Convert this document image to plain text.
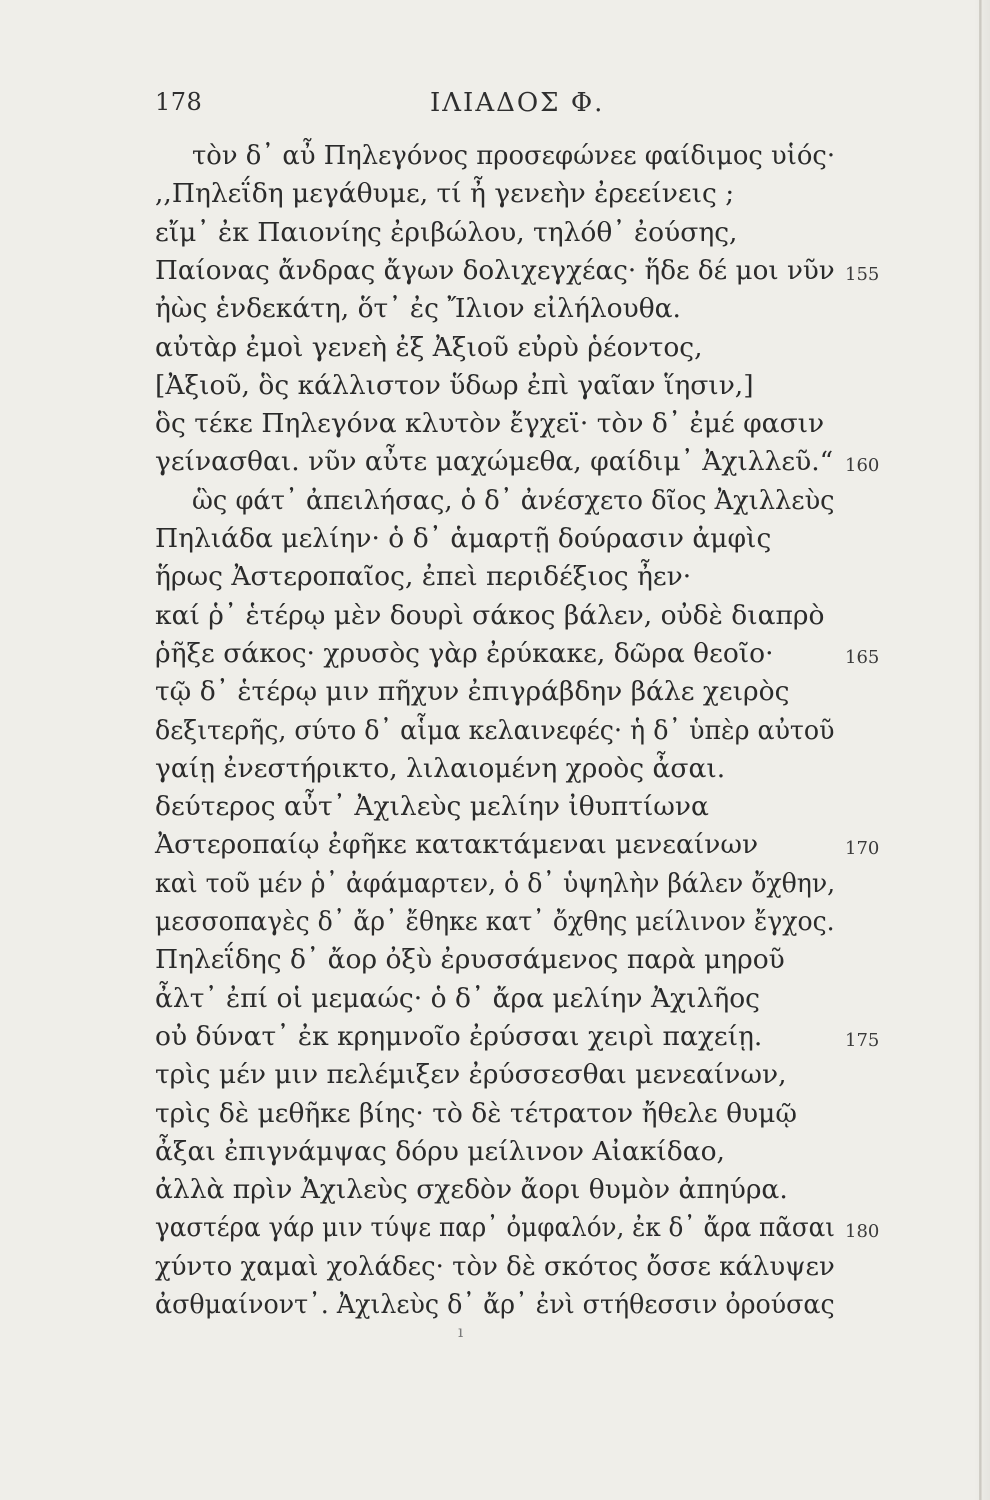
178	ΙΛΙΑΔΟΣ Φ.
τὸν δ᾽ αὖ Πηλεγόνος προσεφώνεε φαίδιμος υἱός·
,,Πηλεΐδη μεγάθυμε, τί ἦ γενεὴν ἐρεείνεις ;
εἴμ᾽ ἐκ Παιονίης ἐριβώλου, τηλόθ᾽ ἐούσης,
Παίονας ἄνδρας ἄγων δολιχεγχέας· ἥδε δέ μοι νῦν 155
ἠὼς ἑνδεκάτη, ὅτ᾽ ἐς Ἴλιον εἰλήλουθα.
αὐτὰρ ἐμοὶ γενεὴ ἐξ Ἀξιοῦ εὐρὺ ῥέοντος,
[Ἀξιοῦ, ὃς κάλλιστον ὕδωρ ἐπὶ γαῖαν ἵησιν,]
ὃς τέκε Πηλεγόνα κλυτὸν ἔγχεϊ· τὸν δ᾽ ἐμέ φασιν
γείνασθαι. νῦν αὖτε μαχώμεθα, φαίδιμ᾽ Ἀχιλλεῦ.“ 160
ὣς φάτ᾽ ἀπειλήσας, ὁ δ᾽ ἀνέσχετο δῖος Ἀχιλλεὺς
Πηλιάδα μελίην· ὁ δ᾽ ἁμαρτῇ δούρασιν ἀμφὶς
ἥρως Ἀστεροπαῖος, ἐπεὶ περιδέξιος ἦεν·
καί ῥ᾽ ἑτέρῳ μὲν δουρὶ σάκος βάλεν, οὐδὲ διαπρὸ
ῥῆξε σάκος· χρυσὸς γὰρ ἐρύκακε, δῶρα θεοῖο·	165
τῷ δ᾽ ἑτέρῳ μιν πῆχυν ἐπιγράβδην βάλε χειρὸς
δεξιτερῆς, σύτο δ᾽ αἷμα κελαινεφές· ἡ δ᾽ ὑπὲρ αὐτοῦ
γαίῃ ἐνεστήρικτο, λιλαιομένη χροὸς ἆσαι.
δεύτερος αὖτ᾽ Ἀχιλεὺς μελίην ἰθυπτίωνα
Ἀστεροπαίῳ ἐφῆκε κατακτάμεναι μενεαίνων	170
καὶ τοῦ μέν ῥ᾽ ἀφάμαρτεν, ὁ δ᾽ ὑψηλὴν βάλεν ὄχθην,
μεσσοπαγὲς δ᾽ ἄρ᾽ ἔθηκε κατ᾽ ὄχθης μείλινον ἔγχος.
Πηλεΐδης δ᾽ ἄορ ὀξὺ ἐρυσσάμενος παρὰ μηροῦ
ἆλτ᾽ ἐπί οἱ μεμαώς· ὁ δ᾽ ἄρα μελίην Ἀχιλῆος
οὐ δύνατ᾽ ἐκ κρημνοῖο ἐρύσσαι χειρὶ παχείῃ.	175
τρὶς μέν μιν πελέμιξεν ἐρύσσεσθαι μενεαίνων,
τρὶς δὲ μεθῆκε βίης· τὸ δὲ τέτρατον ἤθελε θυμῷ
ἆξαι ἐπιγνάμψας δόρυ μείλινον Αἰακίδαο,
ἀλλὰ πρὶν Ἀχιλεὺς σχεδὸν ἄορι θυμὸν ἀπηύρα.
γαστέρα γάρ μιν τύψε παρ᾽ ὀμφαλόν, ἐκ δ᾽ ἄρα πᾶσαι 180
χύντο χαμαὶ χολάδες· τὸν δὲ σκότος ὄσσε κάλυψεν
ἀσθμαίνοντ᾽. Ἀχιλεὺς δ᾽ ἄρ᾽ ἐνὶ στήθεσσιν ὀρούσας
ı
